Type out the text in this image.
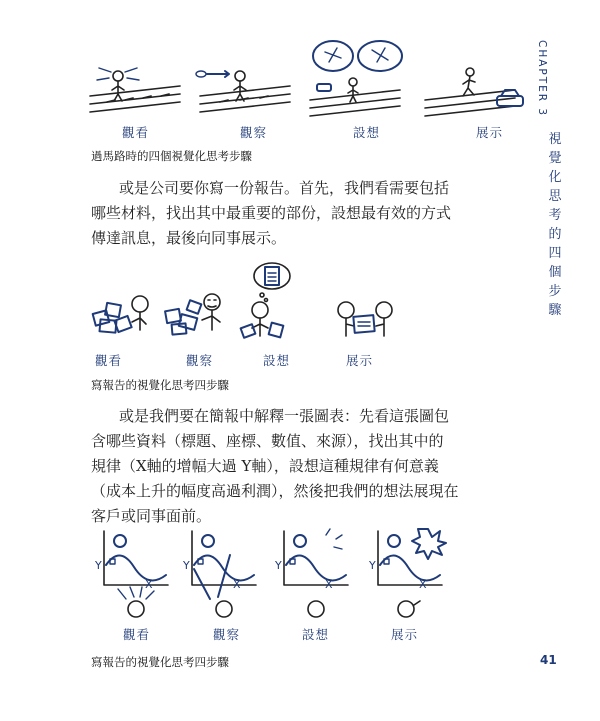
CHAPTER 3
視
覺
化
思
考
的
四
個
步
驟
觀看	觀察	設想	展示
過馬路時的四個視覺化思考步驟
或是公司要你寫一份報告。首先，我們看需要包括
哪些材料，找出其中最重要的部份，設想最有效的方式
傳達訊息，最後向同事展示。
觀看	觀察	設想	展示
寫報告的視覺化思考四步驟
或是我們要在簡報中解釋一張圖表：先看這張圖包
含哪些資料（標題、座標、數值、來源），找出其中的
規律（X軸的增幅大過 Y軸），設想這種規律有何意義
（成本上升的幅度高過利潤），然後把我們的想法展現在
客戶或同事面前。
Y
X
Y
X
Y
X
Y
X
觀看	觀察	設想	展示
寫報告的視覺化思考四步驟	41
